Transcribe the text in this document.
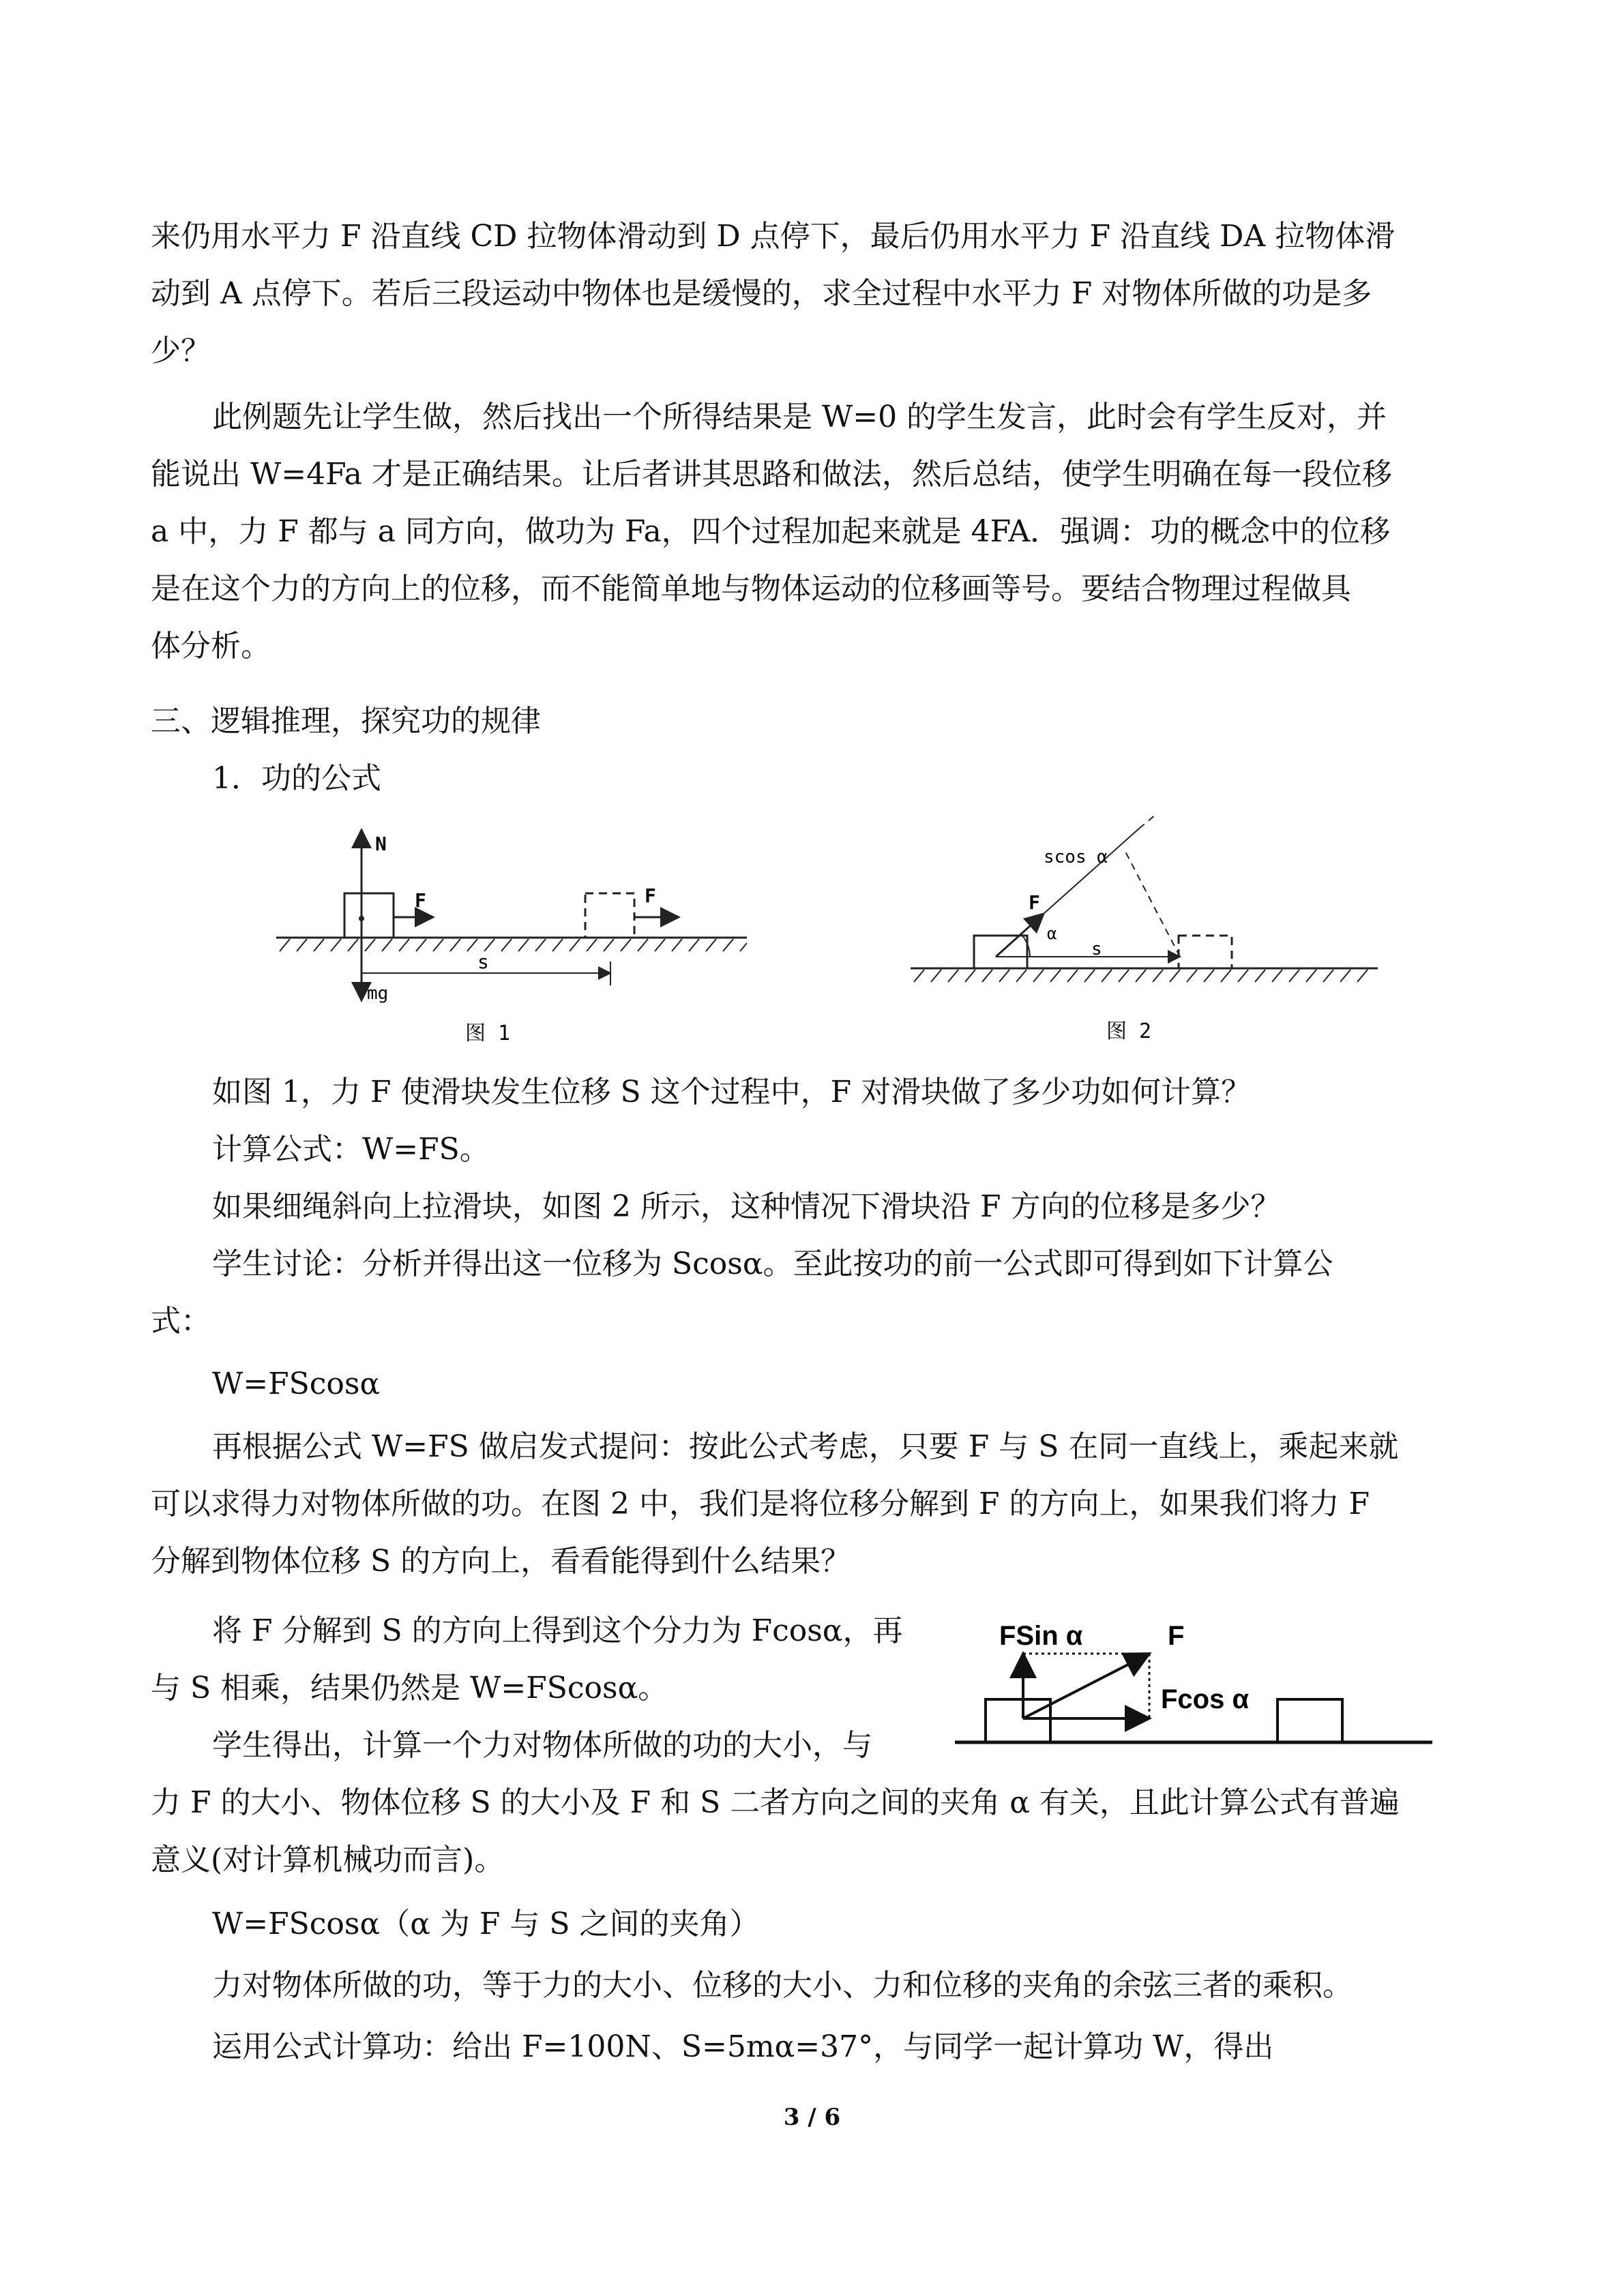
来仍用水平力 F 沿直线 CD 拉物体滑动到 D 点停下，最后仍用水平力 F 沿直线 DA 拉物体滑

动到 A 点停下。若后三段运动中物体也是缓慢的，求全过程中水平力 F 对物体所做的功是多

少？

此例题先让学生做，然后找出一个所得结果是 W=0 的学生发言，此时会有学生反对，并

能说出 W=4Fa 才是正确结果。让后者讲其思路和做法，然后总结，使学生明确在每一段位移

a 中，力 F 都与 a 同方向，做功为 Fa，四个过程加起来就是 4FA．强调：功的概念中的位移

是在这个力的方向上的位移，而不能简单地与物体运动的位移画等号。要结合物理过程做具

体分析。

三、逻辑推理，探究功的规律

1．功的公式

N
F	F
s
mg
图 1
scos α
F
α
s
图 2

如图 1，力 F 使滑块发生位移 S 这个过程中，F 对滑块做了多少功如何计算？

计算公式：W=FS。

如果细绳斜向上拉滑块，如图 2 所示，这种情况下滑块沿 F 方向的位移是多少？

学生讨论：分析并得出这一位移为 Scosα。至此按功的前一公式即可得到如下计算公

式：

W=FScosα

再根据公式 W=FS 做启发式提问：按此公式考虑，只要 F 与 S 在同一直线上，乘起来就

可以求得力对物体所做的功。在图 2 中，我们是将位移分解到 F 的方向上，如果我们将力 F

分解到物体位移 S 的方向上，看看能得到什么结果？

将 F 分解到 S 的方向上得到这个分力为 Fcosα，再

与 S 相乘，结果仍然是 W=FScosα。

学生得出，计算一个力对物体所做的功的大小，与

FSin α	F
Fcos α

力 F 的大小、物体位移 S 的大小及 F 和 S 二者方向之间的夹角 α 有关，且此计算公式有普遍

意义(对计算机械功而言)。

W=FScosα（α 为 F 与 S 之间的夹角）

力对物体所做的功，等于力的大小、位移的大小、力和位移的夹角的余弦三者的乘积。

运用公式计算功：给出 F=100N、S=5mα=37°，与同学一起计算功 W，得出

3 / 6
